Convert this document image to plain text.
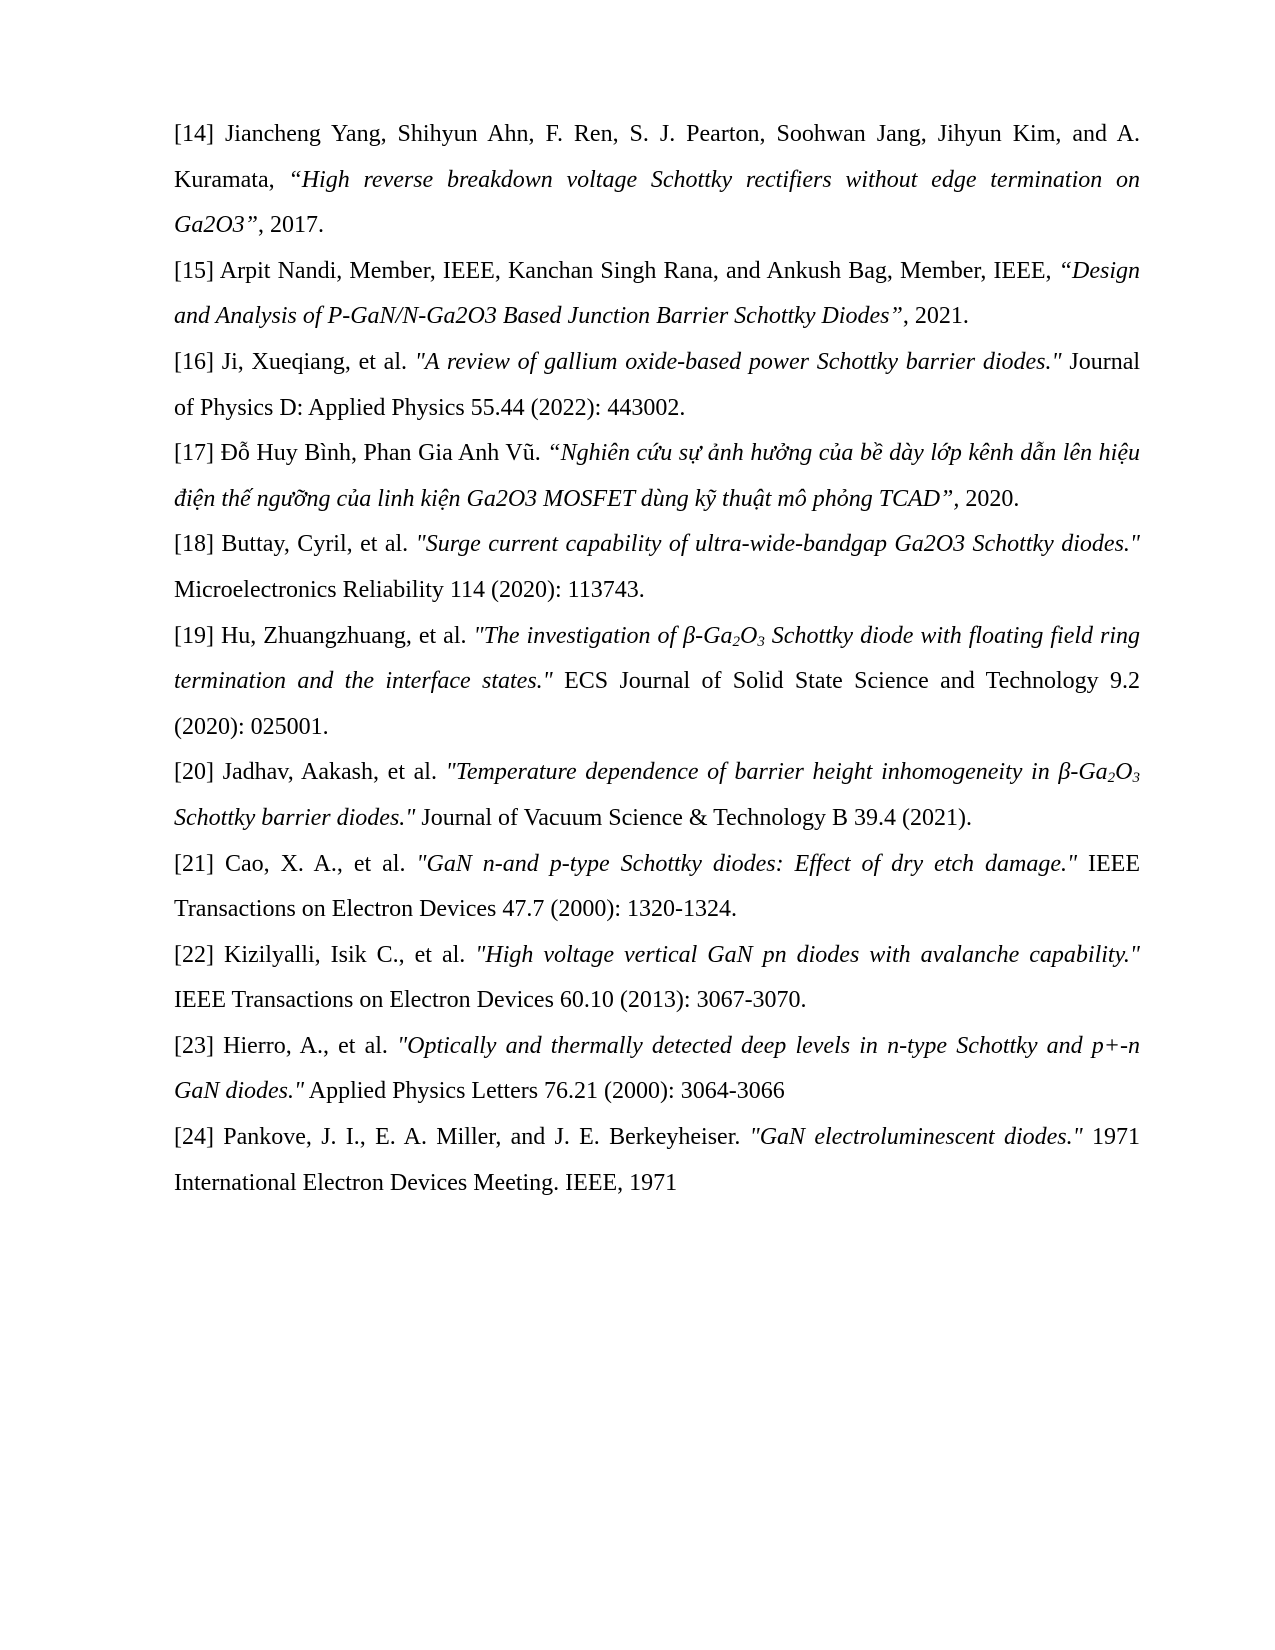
[14] Jiancheng Yang, Shihyun Ahn, F. Ren, S. J. Pearton, Soohwan Jang, Jihyun Kim, and A. Kuramata, “High reverse breakdown voltage Schottky rectifiers without edge termination on Ga2O3”, 2017.

[15] Arpit Nandi, Member, IEEE, Kanchan Singh Rana, and Ankush Bag, Member, IEEE, “Design and Analysis of P-GaN/N-Ga2O3 Based Junction Barrier Schottky Diodes”, 2021.

[16] Ji, Xueqiang, et al. "A review of gallium oxide-based power Schottky barrier diodes." Journal of Physics D: Applied Physics 55.44 (2022): 443002.

[17] Đỗ Huy Bình, Phan Gia Anh Vũ. “Nghiên cứu sự ảnh hưởng của bề dày lớp kênh dẫn lên hiệu điện thế ngưỡng của linh kiện Ga2O3 MOSFET dùng kỹ thuật mô phỏng TCAD”, 2020.

[18] Buttay, Cyril, et al. "Surge current capability of ultra-wide-bandgap Ga2O3 Schottky diodes." Microelectronics Reliability 114 (2020): 113743.

[19] Hu, Zhuangzhuang, et al. "The investigation of $\beta-Ga_2O_3$ Schottky diode with floating field ring termination and the interface states." ECS Journal of Solid State Science and Technology 9.2 (2020): 025001.

[20] Jadhav, Aakash, et al. "Temperature dependence of barrier height inhomogeneity in $\beta-Ga_2O_3$ Schottky barrier diodes." Journal of Vacuum Science & Technology B 39.4 (2021).

[21] Cao, X. A., et al. "GaN n-and p-type Schottky diodes: Effect of dry etch damage." IEEE Transactions on Electron Devices 47.7 (2000): 1320-1324.

[22] Kizilyalli, Isik C., et al. "High voltage vertical GaN pn diodes with avalanche capability." IEEE Transactions on Electron Devices 60.10 (2013): 3067-3070.

[23] Hierro, A., et al. "Optically and thermally detected deep levels in n-type Schottky and p+-n GaN diodes." Applied Physics Letters 76.21 (2000): 3064-3066

[24] Pankove, J. I., E. A. Miller, and J. E. Berkeyheiser. "GaN electroluminescent diodes." 1971 International Electron Devices Meeting. IEEE, 1971
